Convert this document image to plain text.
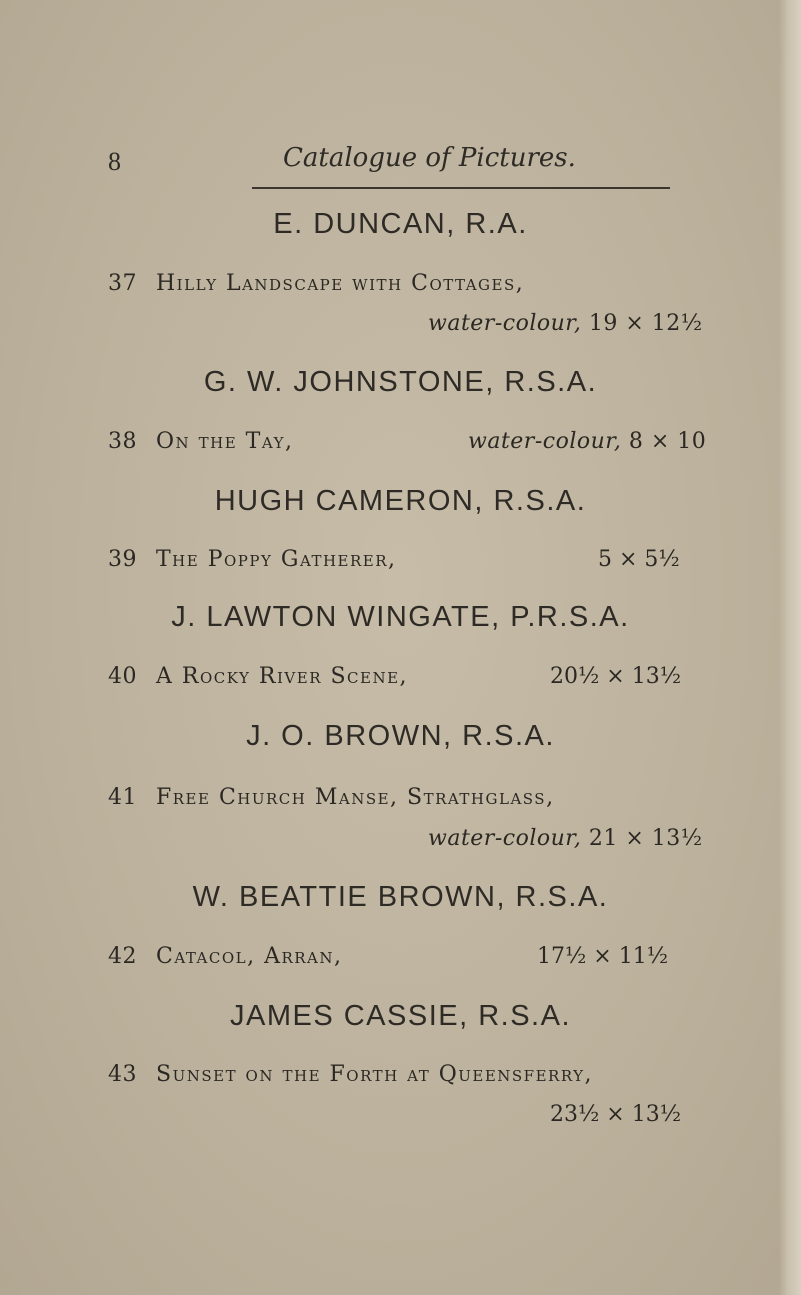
8	Catalogue of Pictures.
E. DUNCAN, R.A.
37 Hilly Landscape with Cottages,
water-colour, 19 × 12½
G. W. JOHNSTONE, R.S.A.
38 On the Tay,	water-colour, 8 × 10
HUGH CAMERON, R.S.A.
39 The Poppy Gatherer,	5 × 5½
J. LAWTON WINGATE, P.R.S.A.
40 A Rocky River Scene,	20½ × 13½
J. O. BROWN, R.S.A.
41 Free Church Manse, Strathglass,
water-colour, 21 × 13½
W. BEATTIE BROWN, R.S.A.
42 Catacol, Arran,	17½ × 11½
JAMES CASSIE, R.S.A.
43 Sunset on the Forth at Queensferry,
23½ × 13½
